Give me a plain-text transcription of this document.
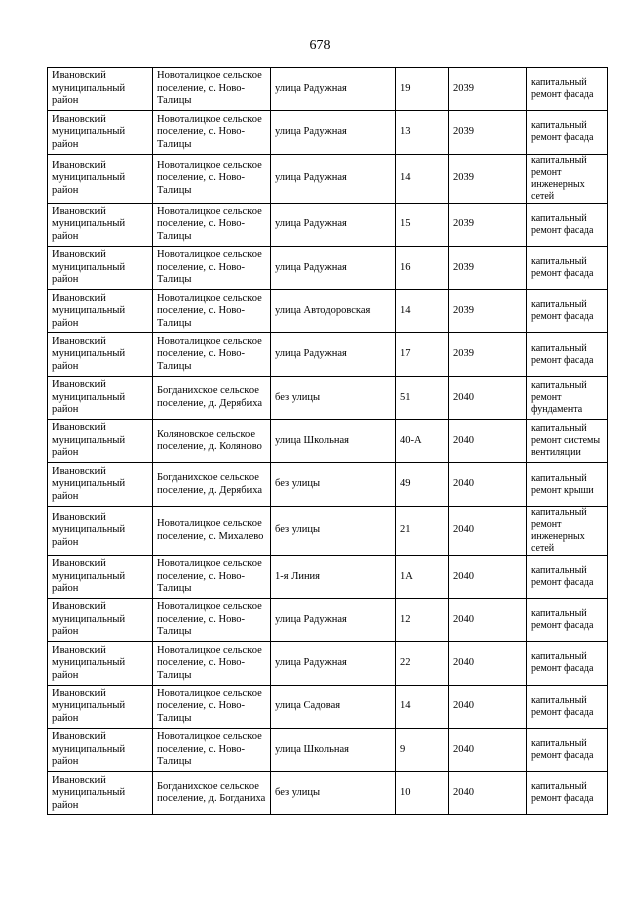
678
Ивановский муниципальный район	Новоталицкое сельское поселение, с. Ново-Талицы	улица Радужная	19	2039	капитальный ремонт фасада
Ивановский муниципальный район	Новоталицкое сельское поселение, с. Ново-Талицы	улица Радужная	13	2039	капитальный ремонт фасада
Ивановский муниципальный район	Новоталицкое сельское поселение, с. Ново-Талицы	улица Радужная	14	2039	капитальный ремонт инженерных сетей
Ивановский муниципальный район	Новоталицкое сельское поселение, с. Ново-Талицы	улица Радужная	15	2039	капитальный ремонт фасада
Ивановский муниципальный район	Новоталицкое сельское поселение, с. Ново-Талицы	улица Радужная	16	2039	капитальный ремонт фасада
Ивановский муниципальный район	Новоталицкое сельское поселение, с. Ново-Талицы	улица Автодоровская	14	2039	капитальный ремонт фасада
Ивановский муниципальный район	Новоталицкое сельское поселение, с. Ново-Талицы	улица Радужная	17	2039	капитальный ремонт фасада
Ивановский муниципальный район	Богданихское сельское поселение, д. Дерябиха	без улицы	51	2040	капитальный ремонт фундамента
Ивановский муниципальный район	Коляновское сельское поселение, д. Коляново	улица Школьная	40-А	2040	капитальный ремонт системы вентиляции
Ивановский муниципальный район	Богданихское сельское поселение, д. Дерябиха	без улицы	49	2040	капитальный ремонт крыши
Ивановский муниципальный район	Новоталицкое сельское поселение, с. Михалево	без улицы	21	2040	капитальный ремонт инженерных сетей
Ивановский муниципальный район	Новоталицкое сельское поселение, с. Ново-Талицы	1-я Линия	1А	2040	капитальный ремонт фасада
Ивановский муниципальный район	Новоталицкое сельское поселение, с. Ново-Талицы	улица Радужная	12	2040	капитальный ремонт фасада
Ивановский муниципальный район	Новоталицкое сельское поселение, с. Ново-Талицы	улица Радужная	22	2040	капитальный ремонт фасада
Ивановский муниципальный район	Новоталицкое сельское поселение, с. Ново-Талицы	улица Садовая	14	2040	капитальный ремонт фасада
Ивановский муниципальный район	Новоталицкое сельское поселение, с. Ново-Талицы	улица Школьная	9	2040	капитальный ремонт фасада
Ивановский муниципальный район	Богданихское сельское поселение, д. Богданиха	без улицы	10	2040	капитальный ремонт фасада
